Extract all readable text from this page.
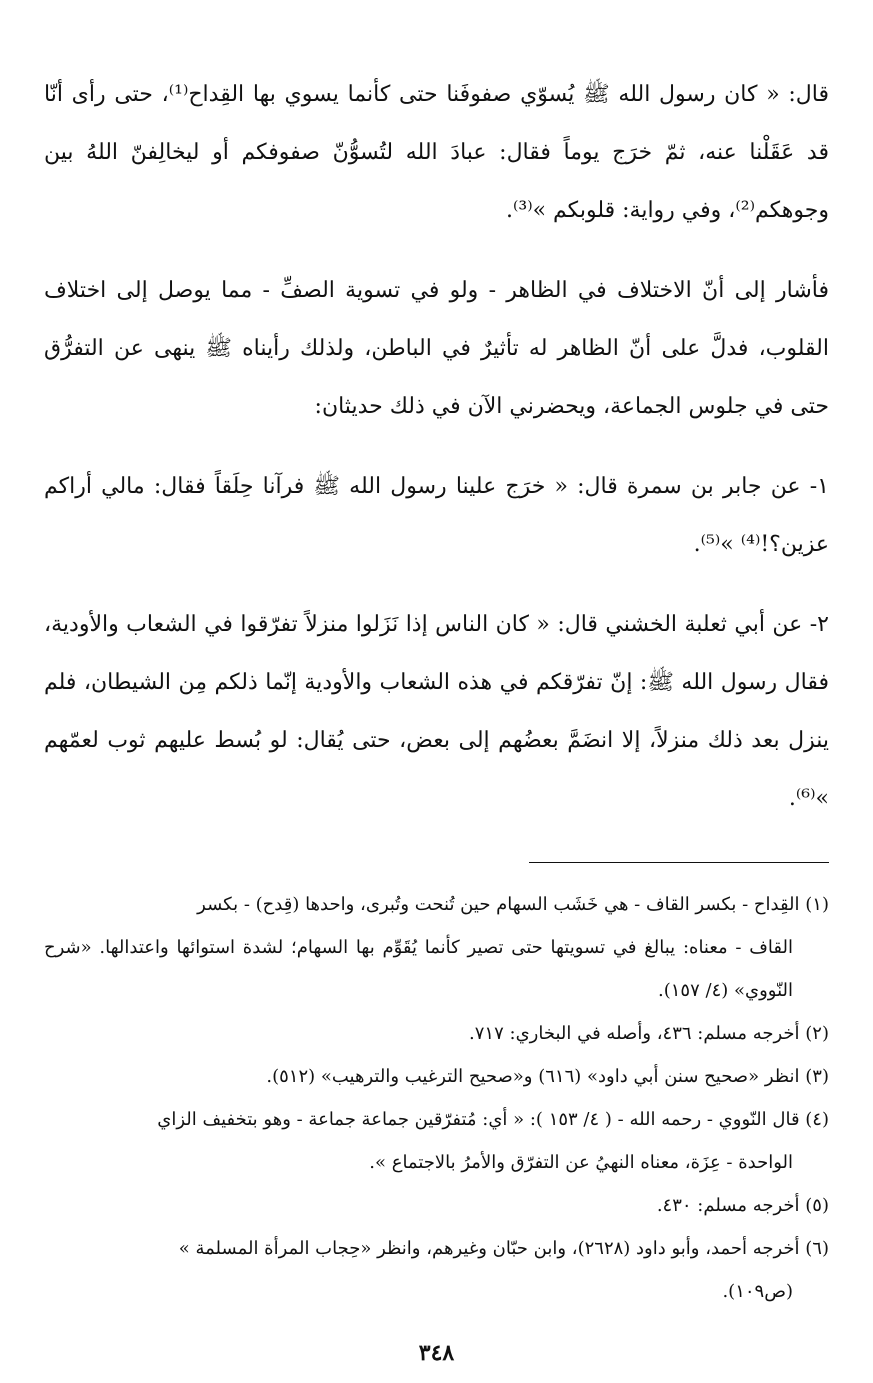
قال: « كان رسول الله ﷺ يُسوّي صفوفَنا حتى كأنما يسوي بها القِداح⁽¹⁾، حتى رأى أنّا قد عَقَلْنا عنه، ثمّ خرَج يوماً فقال: عبادَ الله لتُسوُّنّ صفوفكم أو ليخالِفنّ اللهُ بين وجوهكم⁽²⁾، وفي رواية: قلوبكم »⁽³⁾.

فأشار إلى أنّ الاختلاف في الظاهر - ولو في تسوية الصفِّ - مما يوصل إلى اختلاف القلوب، فدلَّ على أنّ الظاهر له تأثيرٌ في الباطن، ولذلك رأيناه ﷺ ينهى عن التفرُّق حتى في جلوس الجماعة، ويحضرني الآن في ذلك حديثان:

١- عن جابر بن سمرة قال: « خرَج علينا رسول الله ﷺ فرآنا حِلَقاً فقال: مالي أراكم عزين؟!⁽⁴⁾ »⁽⁵⁾.

٢- عن أبي ثعلبة الخشني قال: « كان الناس إذا نَزَلوا منزلاً تفرّقوا في الشعاب والأودية، فقال رسول الله ﷺ: إنّ تفرّقكم في هذه الشعاب والأودية إنّما ذلكم مِن الشيطان، فلم ينزل بعد ذلك منزلاً، إلا انضَمَّ بعضُهم إلى بعض، حتى يُقال: لو بُسط عليهم ثوب لعمّهم »⁽⁶⁾.

(١) القِداح - بكسر القاف - هي خَشَب السهام حين تُنحت وتُبرى، واحدها (قِدح) - بكسر
القاف - معناه: يبالغ في تسويتها حتى تصير كأنما يُقَوِّم بها السهام؛ لشدة استوائها واعتدالها. «شرح النّووي» (٤/ ١٥٧).
(٢) أخرجه مسلم: ٤٣٦، وأصله في البخاري: ٧١٧.
(٣) انظر «صحيح سنن أبي داود» (٦١٦) و«صحيح الترغيب والترهيب» (٥١٢).
(٤) قال النّووي - رحمه الله - ( ٤/ ١٥٣ ): « أي: مُتفرّقين جماعة جماعة - وهو بتخفيف الزاي
الواحدة - عِزَة، معناه النهيُ عن التفرّق والأمرُ بالاجتماع ».
(٥) أخرجه مسلم: ٤٣٠.
(٦) أخرجه أحمد، وأبو داود (٢٦٢٨)، وابن حبّان وغيرهم، وانظر «حِجاب المرأة المسلمة »
(ص١٠٩).
٣٤٨
